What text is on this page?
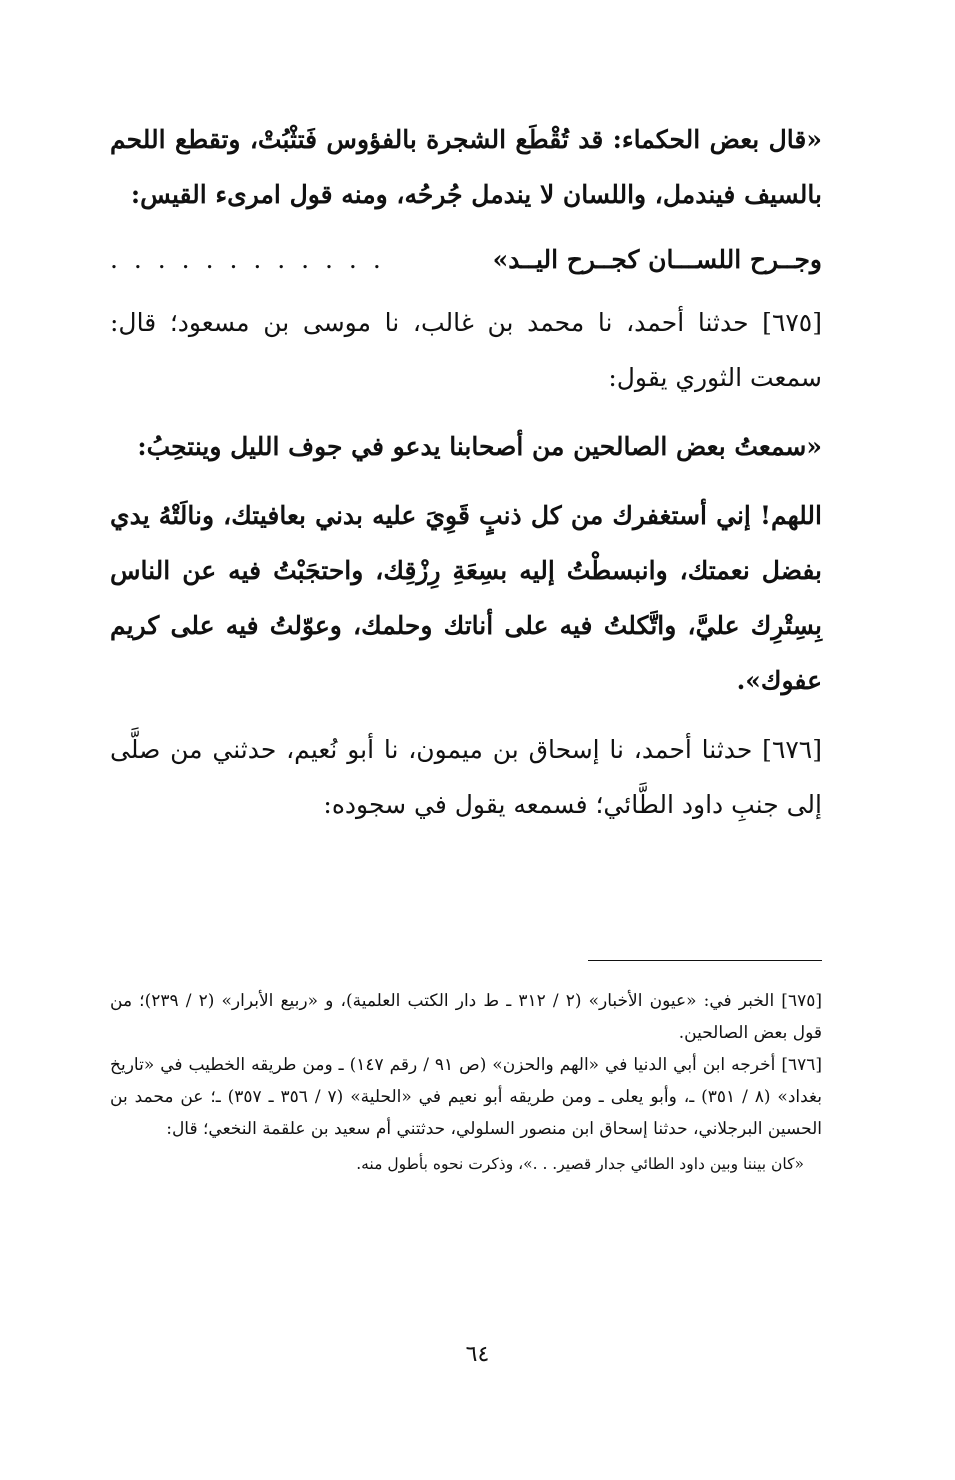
«قال بعض الحكماء: قد تُقْطَع الشجرة بالفؤوس فَتثْبُتْ، وتقطع اللحم بالسيف فيندمل، واللسان لا يندمل جُرحُه، ومنه قول امرىء القيس:

وجــرح اللســـان كجــرح اليــد»
. . . . . . . . . . . .

[٦٧٥] حدثنا أحمد، نا محمد بن غالب، نا موسى بن مسعود؛ قال: سمعت الثوري يقول:

«سمعتُ بعض الصالحين من أصحابنا يدعو في جوف الليل وينتحِبُ:

اللهم! إني أستغفرك من كل ذنبٍ قَوِيَ عليه بدني بعافيتك، ونالَتْهُ يدي بفضل نعمتك، وانبسطْتُ إليه بسِعَةِ رِزْقِك، واحتجَبْتُ فيه عن الناس بِسِتْرِك عليَّ، واتَّكلتُ فيه على أناتك وحلمك، وعوّلتُ فيه على كريم عفوك».

[٦٧٦] حدثنا أحمد، نا إسحاق بن ميمون، نا أبو نُعيم، حدثني من صلَّى إلى جنبِ داود الطَّائي؛ فسمعه يقول في سجوده:

[٦٧٥] الخبر في: «عيون الأخبار» (٢ / ٣١٢ ـ ط دار الكتب العلمية)، و «ربيع الأبرار» (٢ / ٢٣٩)؛ من قول بعض الصالحين.

[٦٧٦] أخرجه ابن أبي الدنيا في «الهم والحزن» (ص ٩١ / رقم ١٤٧) ـ ومن طريقه الخطيب في «تاريخ بغداد» (٨ / ٣٥١) ـ، وأبو يعلى ـ ومن طريقه أبو نعيم في «الحلية» (٧ / ٣٥٦ ـ ٣٥٧) ـ؛ عن محمد بن الحسين البرجلاني، حدثنا إسحاق ابن منصور السلولي، حدثتني أم سعيد بن علقمة النخعي؛ قال:

«كان بيننا وبين داود الطائي جدار قصير. . .»، وذكرت نحوه بأطول منه.

٦٤
